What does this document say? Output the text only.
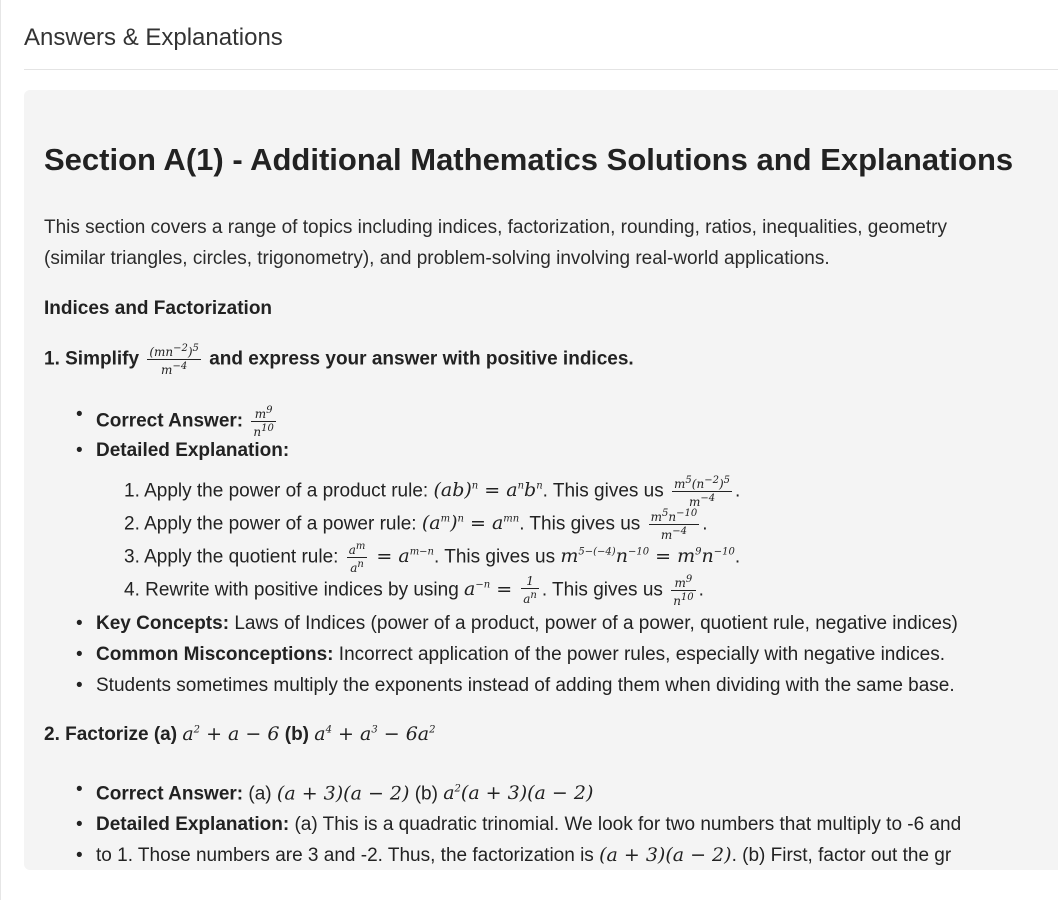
Answers & Explanations
Section A(1) - Additional Mathematics Solutions and Explanations
This section covers a range of topics including indices, factorization, rounding, ratios, inequalities, geometry
(similar triangles, circles, trigonometry), and problem-solving involving real-world applications.
Indices and Factorization
1. Simplify $\frac{(mn^{-2})^5}{m^{-4}}$ and express your answer with positive indices.
• Correct Answer: $\frac{m^9}{n^{10}}$
• Detailed Explanation:
1. Apply the power of a product rule: $(ab)^n = a^nb^n$. This gives us $\frac{m^5(n^{-2})^5}{m^{-4}}$ .
2. Apply the power of a power rule: $(a^m)^n = a^{mn}$. This gives us $\frac{m^5n^{-10}}{m^{-4}}$ .
3. Apply the quotient rule: $\frac{a^m}{a^n} = a^{m-n}$. This gives us $m^{5-(-4)}n^{-10} = m^9n^{-10}$.
4. Rewrite with positive indices by using $a^{-n} = \frac{1}{a^n}$ . This gives us $\frac{m^9}{n^{10}}$ .
• Key Concepts: Laws of Indices (power of a product, power of a power, quotient rule, negative indices)
• Common Misconceptions: Incorrect application of the power rules, especially with negative indices.
• Students sometimes multiply the exponents instead of adding them when dividing with the same base.
2. Factorize (a) $a^2 + a - 6$ (b) $a^4 + a^3 - 6a^2$
• Correct Answer: (a) (a + 3)(a − 2) (b) $a^2(a + 3)(a - 2)$
• Detailed Explanation: (a) This is a quadratic trinomial. We look for two numbers that multiply to -6 and
• to 1. Those numbers are 3 and -2. Thus, the factorization is (a + 3)(a − 2). (b) First, factor out the gr
